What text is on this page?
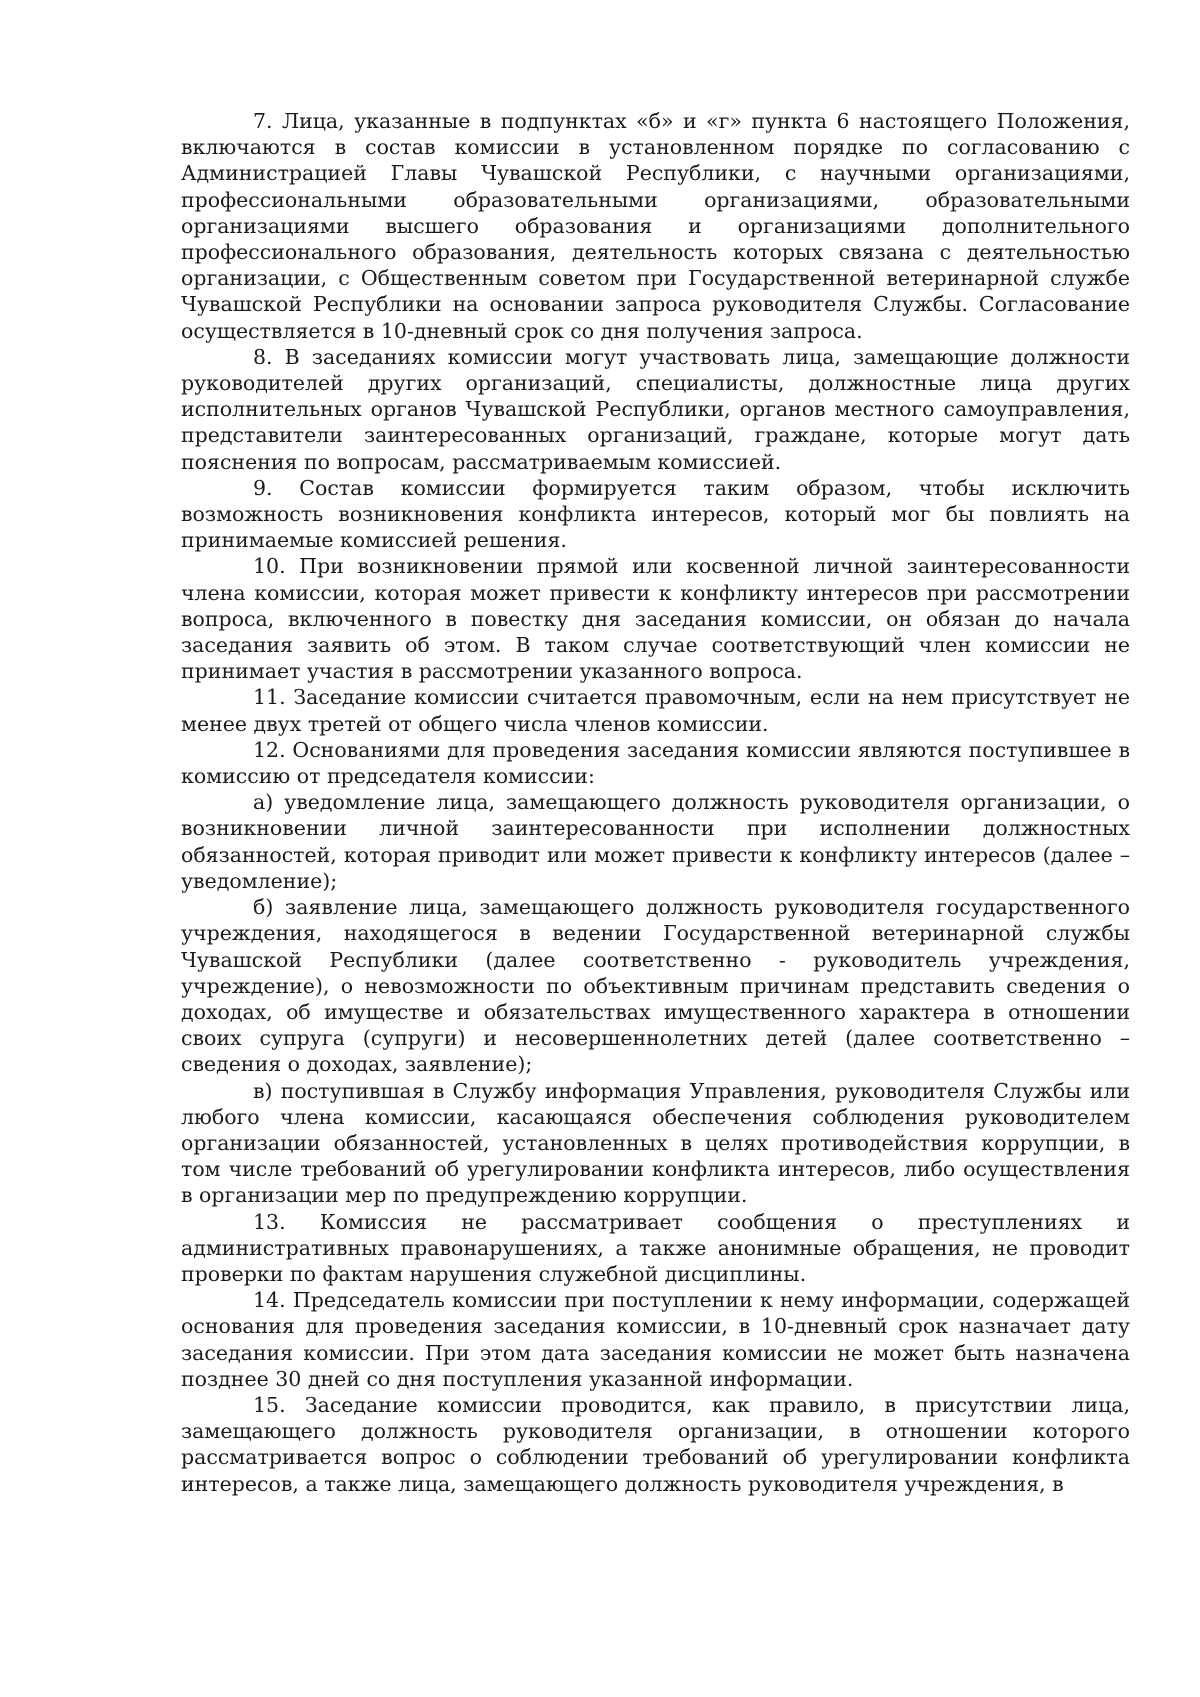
7. Лица, указанные в подпунктах «б» и «г» пункта 6 настоящего Положения, включаются в состав комиссии в установленном порядке по согласованию с Администрацией Главы Чувашской Республики, с научными организациями, профессиональными образовательными организациями, образовательными организациями высшего образования и организациями дополнительного профессионального образования, деятельность которых связана с деятельностью организации, с Общественным советом при Государственной ветеринарной службе Чувашской Республики на основании запроса руководителя Службы. Согласование осуществляется в 10-дневный срок со дня получения запроса.

8. В заседаниях комиссии могут участвовать лица, замещающие должности руководителей других организаций, специалисты, должностные лица других исполнительных органов Чувашской Республики, органов местного самоуправления, представители заинтересованных организаций, граждане, которые могут дать пояснения по вопросам, рассматриваемым комиссией.

9. Состав комиссии формируется таким образом, чтобы исключить возможность возникновения конфликта интересов, который мог бы повлиять на принимаемые комиссией решения.

10. При возникновении прямой или косвенной личной заинтересованности члена комиссии, которая может привести к конфликту интересов при рассмотрении вопроса, включенного в повестку дня заседания комиссии, он обязан до начала заседания заявить об этом. В таком случае соответствующий член комиссии не принимает участия в рассмотрении указанного вопроса.

11. Заседание комиссии считается правомочным, если на нем присутствует не менее двух третей от общего числа членов комиссии.

12. Основаниями для проведения заседания комиссии являются поступившее в комиссию от председателя комиссии:

а) уведомление лица, замещающего должность руководителя организации, о возникновении личной заинтересованности при исполнении должностных обязанностей, которая приводит или может привести к конфликту интересов (далее – уведомление);

б) заявление лица, замещающего должность руководителя государственного учреждения, находящегося в ведении Государственной ветеринарной службы Чувашской Республики (далее соответственно - руководитель учреждения, учреждение), о невозможности по объективным причинам представить сведения о доходах, об имуществе и обязательствах имущественного характера в отношении своих супруга (супруги) и несовершеннолетних детей (далее соответственно – сведения о доходах, заявление);

в) поступившая в Службу информация Управления, руководителя Службы или любого члена комиссии, касающаяся обеспечения соблюдения руководителем организации обязанностей, установленных в целях противодействия коррупции, в том числе требований об урегулировании конфликта интересов, либо осуществления в организации мер по предупреждению коррупции.

13. Комиссия не рассматривает сообщения о преступлениях и административных правонарушениях, а также анонимные обращения, не проводит проверки по фактам нарушения служебной дисциплины.

14. Председатель комиссии при поступлении к нему информации, содержащей основания для проведения заседания комиссии, в 10-дневный срок назначает дату заседания комиссии. При этом дата заседания комиссии не может быть назначена позднее 30 дней со дня поступления указанной информации.

15. Заседание комиссии проводится, как правило, в присутствии лица, замещающего должность руководителя организации, в отношении которого рассматривается вопрос о соблюдении требований об урегулировании конфликта интересов, а также лица, замещающего должность руководителя учреждения, в
